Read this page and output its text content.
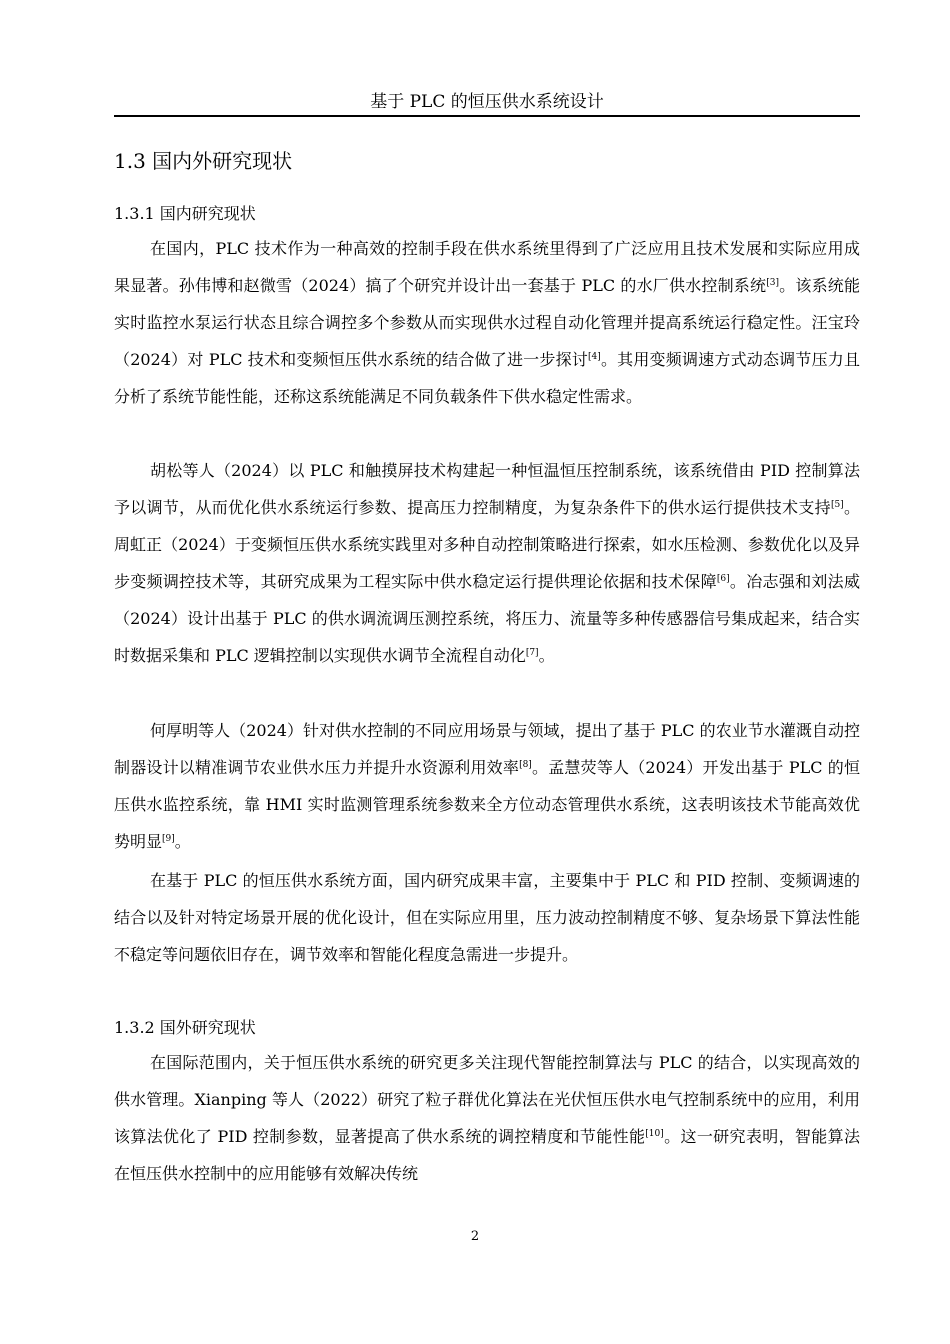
基于 PLC 的恒压供水系统设计
1.3 国内外研究现状
1.3.1 国内研究现状

在国内，PLC 技术作为一种高效的控制手段在供水系统里得到了广泛应用且技术发展和实际应用成果显著。孙伟博和赵微雪（2024）搞了个研究并设计出一套基于 PLC 的水厂供水控制系统[3]。该系统能实时监控水泵运行状态且综合调控多个参数从而实现供水过程自动化管理并提高系统运行稳定性。汪宝玲（2024）对 PLC 技术和变频恒压供水系统的结合做了进一步探讨[4]。其用变频调速方式动态调节压力且分析了系统节能性能，还称这系统能满足不同负载条件下供水稳定性需求。

胡松等人（2024）以 PLC 和触摸屏技术构建起一种恒温恒压控制系统，该系统借由 PID 控制算法予以调节，从而优化供水系统运行参数、提高压力控制精度，为复杂条件下的供水运行提供技术支持[5]。周虹正（2024）于变频恒压供水系统实践里对多种自动控制策略进行探索，如水压检测、参数优化以及异步变频调控技术等，其研究成果为工程实际中供水稳定运行提供理论依据和技术保障[6]。冶志强和刘法威（2024）设计出基于 PLC 的供水调流调压测控系统，将压力、流量等多种传感器信号集成起来，结合实时数据采集和 PLC 逻辑控制以实现供水调节全流程自动化[7]。

何厚明等人（2024）针对供水控制的不同应用场景与领域，提出了基于 PLC 的农业节水灌溉自动控制器设计以精准调节农业供水压力并提升水资源利用效率[8]。孟慧荧等人（2024）开发出基于 PLC 的恒压供水监控系统，靠 HMI 实时监测管理系统参数来全方位动态管理供水系统，这表明该技术节能高效优势明显[9]。

在基于 PLC 的恒压供水系统方面，国内研究成果丰富，主要集中于 PLC 和 PID 控制、变频调速的结合以及针对特定场景开展的优化设计，但在实际应用里，压力波动控制精度不够、复杂场景下算法性能不稳定等问题依旧存在，调节效率和智能化程度急需进一步提升。

1.3.2 国外研究现状

在国际范围内，关于恒压供水系统的研究更多关注现代智能控制算法与 PLC 的结合，以实现高效的供水管理。Xianping 等人（2022）研究了粒子群优化算法在光伏恒压供水电气控制系统中的应用，利用该算法优化了 PID 控制参数，显著提高了供水系统的调控精度和节能性能[10]。这一研究表明，智能算法在恒压供水控制中的应用能够有效解决传统

2
